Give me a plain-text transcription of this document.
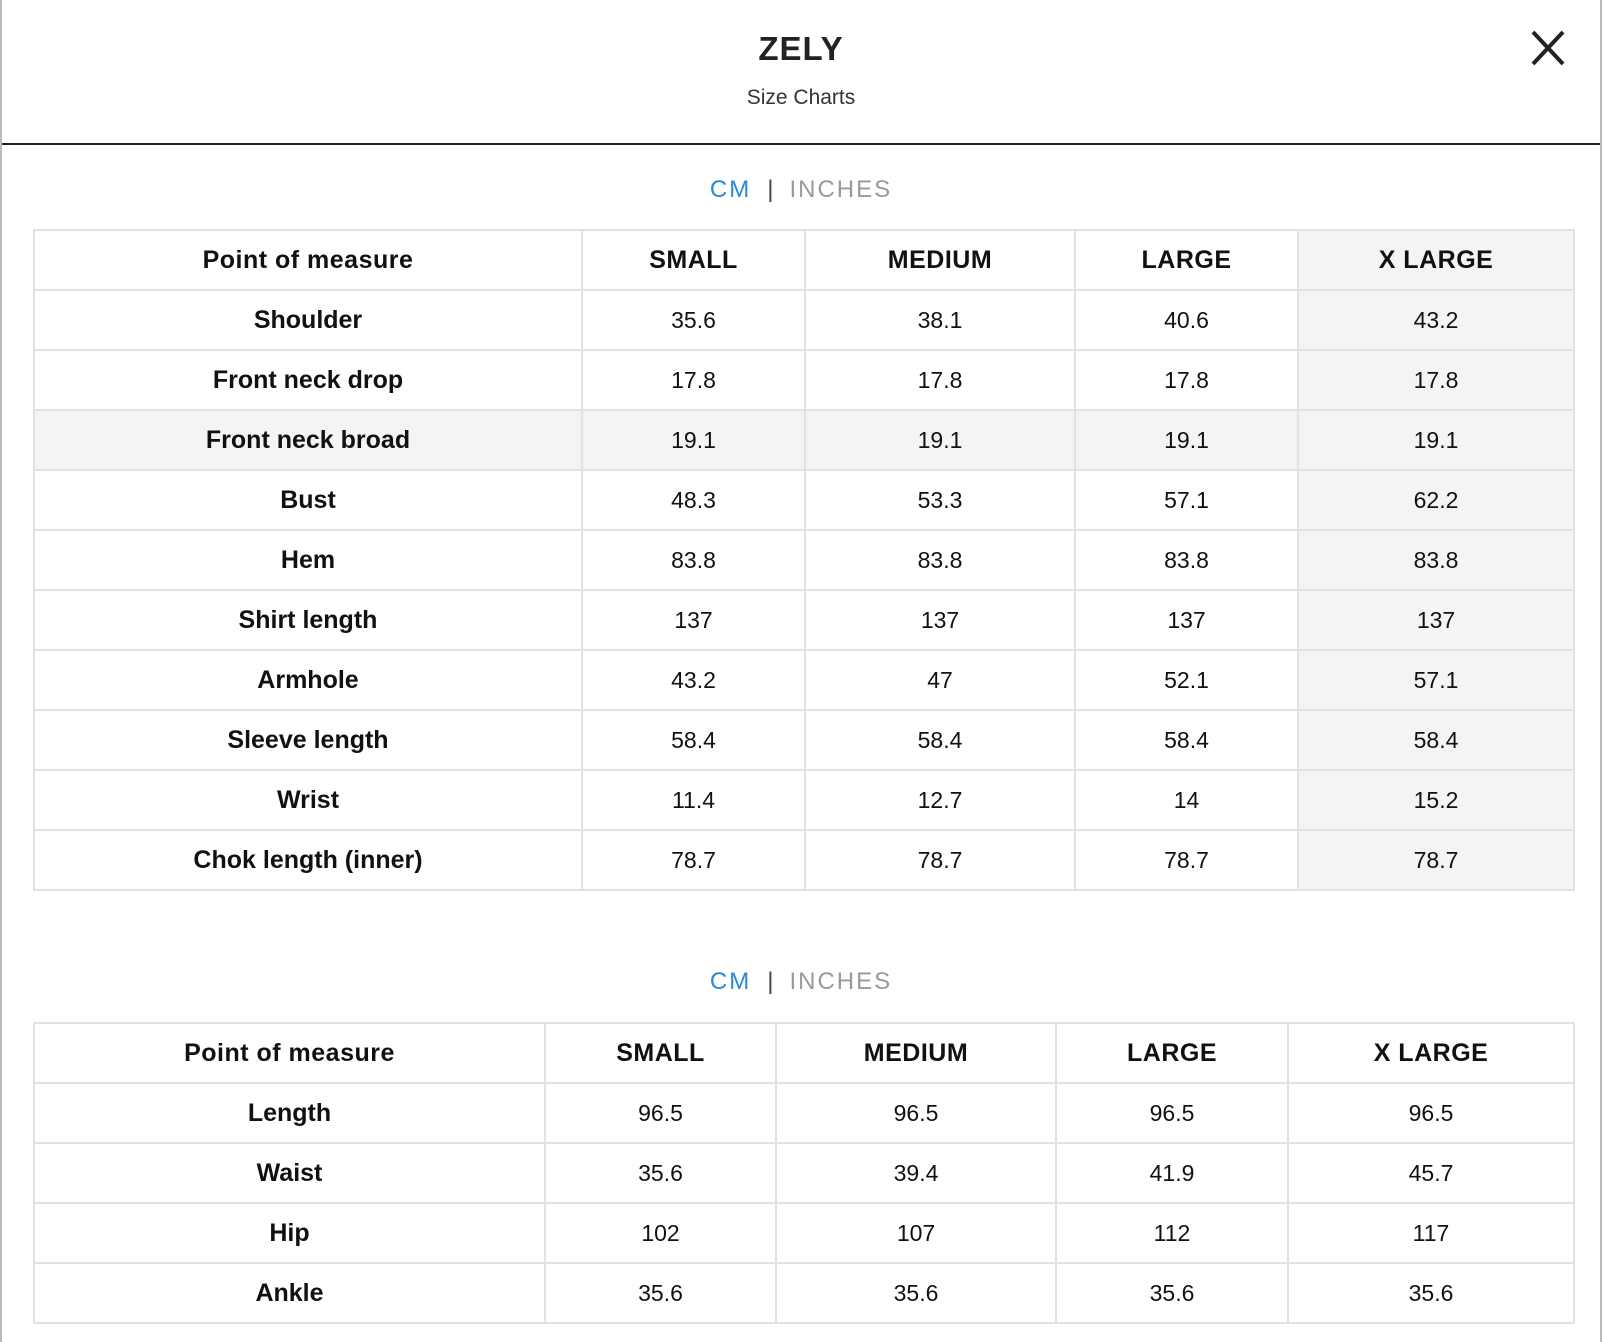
ZELY
Size Charts
CM | INCHES
Point of measure	SMALL	MEDIUM	LARGE	X LARGE
Shoulder	35.6	38.1	40.6	43.2
Front neck drop	17.8	17.8	17.8	17.8
Front neck broad	19.1	19.1	19.1	19.1
Bust	48.3	53.3	57.1	62.2
Hem	83.8	83.8	83.8	83.8
Shirt length	137	137	137	137
Armhole	43.2	47	52.1	57.1
Sleeve length	58.4	58.4	58.4	58.4
Wrist	11.4	12.7	14	15.2
Chok length (inner)	78.7	78.7	78.7	78.7
CM | INCHES
Point of measure	SMALL	MEDIUM	LARGE	X LARGE
Length	96.5	96.5	96.5	96.5
Waist	35.6	39.4	41.9	45.7
Hip	102	107	112	117
Ankle	35.6	35.6	35.6	35.6
